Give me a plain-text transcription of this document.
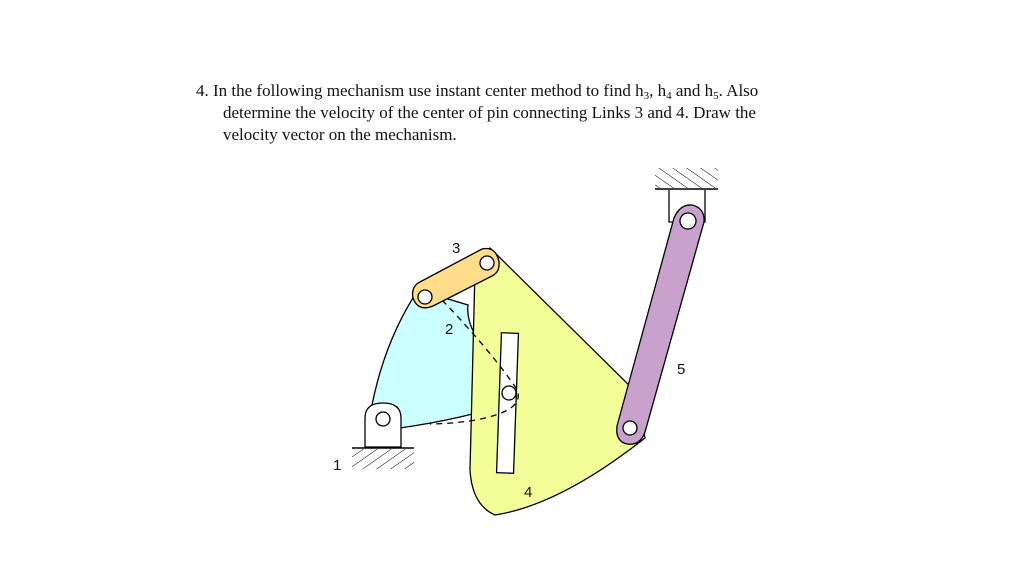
4. In the following mechanism use instant center method to find $h_3$, $h_4$ and $h_5$. Also
determine the velocity of the center of pin connecting Links 3 and 4. Draw the
velocity vector on the mechanism.
1
2
3
4
5
